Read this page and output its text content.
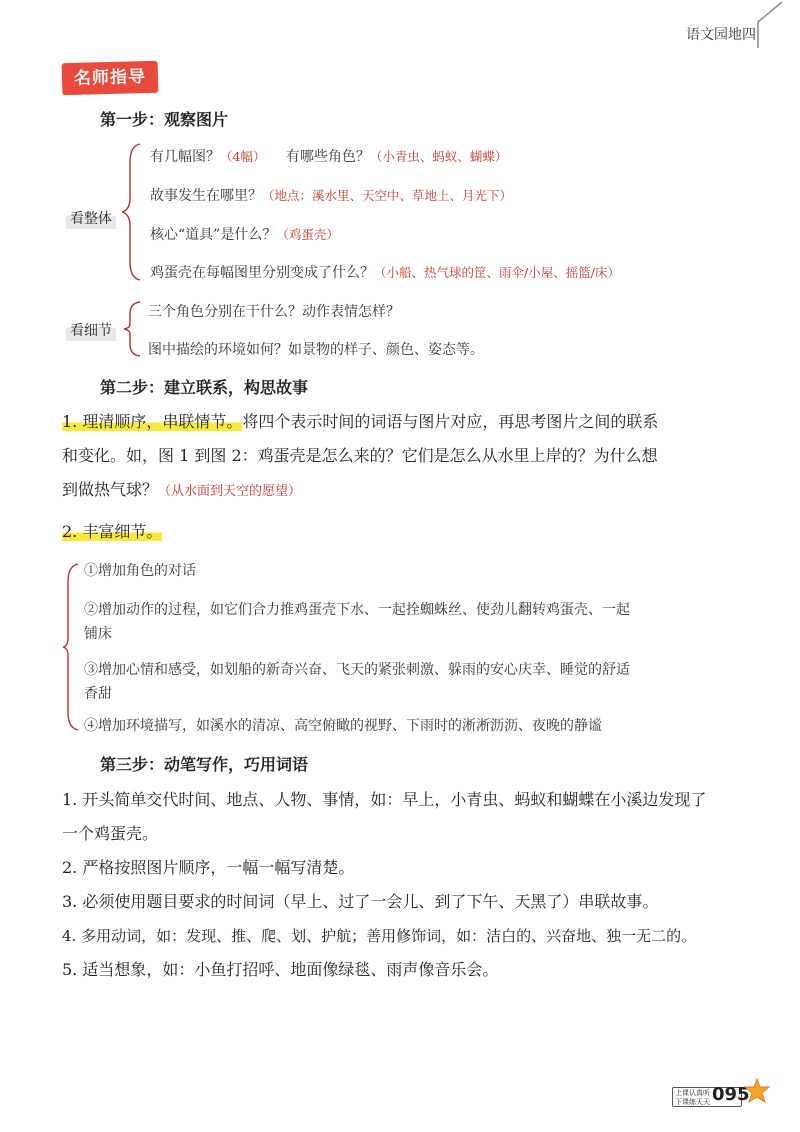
语文园地四
名师指导
第一步：观察图片
看整体
有几幅图？（4幅） 有哪些角色？（小青虫、蚂蚁、蝴蝶）
故事发生在哪里？（地点：溪水里、天空中、草地上、月光下）
核心“道具”是什么？（鸡蛋壳）
鸡蛋壳在每幅图里分别变成了什么？（小船、热气球的筐、雨伞/小屋、摇篮/床）
看细节
三个角色分别在干什么？动作表情怎样？
图中描绘的环境如何？如景物的样子、颜色、姿态等。
第二步：建立联系，构思故事
1. 理清顺序，串联情节。将四个表示时间的词语与图片对应，再思考图片之间的联系
和变化。如，图 1 到图 2：鸡蛋壳是怎么来的？它们是怎么从水里上岸的？为什么想
到做热气球？（从水面到天空的愿望）
2. 丰富细节。
①增加角色的对话
②增加动作的过程，如它们合力推鸡蛋壳下水、一起拴蜘蛛丝、使劲儿翻转鸡蛋壳、一起
铺床
③增加心情和感受，如划船的新奇兴奋、飞天的紧张刺激、躲雨的安心庆幸、睡觉的舒适
香甜
④增加环境描写，如溪水的清凉、高空俯瞰的视野、下雨时的淅淅沥沥、夜晚的静谧
第三步：动笔写作，巧用词语
1. 开头简单交代时间、地点、人物、事情，如：早上，小青虫、蚂蚁和蝴蝶在小溪边发现了
一个鸡蛋壳。
2. 严格按照图片顺序，一幅一幅写清楚。
3. 必须使用题目要求的时间词（早上、过了一会儿、到了下午、天黑了）串联故事。
4. 多用动词，如：发现、推、爬、划、护航；善用修饰词，如：洁白的、兴奋地、独一无二的。
5. 适当想象，如：小鱼打招呼、地面像绿毯、雨声像音乐会。
上课认真听
下课练天天 095
